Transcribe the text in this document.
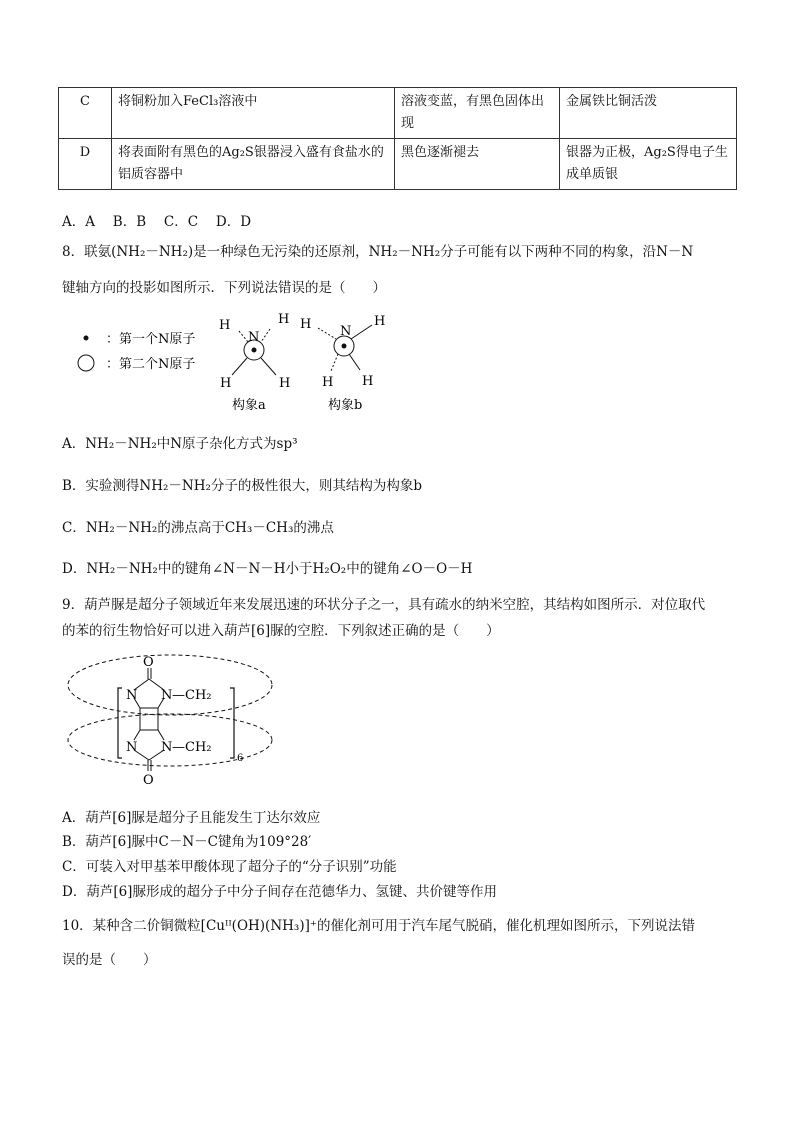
C	将铜粉加入FeCl₃溶液中	溶液变蓝，有黑色固体出现	金属铁比铜活泼
D	将表面附有黑色的Ag₂S银器浸入盛有食盐水的铝质容器中	黑色逐渐褪去	银器为正极，Ag₂S得电子生成单质银
A．A　 B．B　 C．C　 D．D
8．联氨(NH₂－NH₂)是一种绿色无污染的还原剂，NH₂－NH₂分子可能有以下两种不同的构象，沿N－N
键轴方向的投影如图所示．下列说法错误的是（　　）
：第一个N原子
：第二个N原子
N
H	H
H	H
构象a
N
H	H
H H
构象b
A．NH₂－NH₂中N原子杂化方式为sp³
B．实验测得NH₂－NH₂分子的极性很大，则其结构为构象b
C．NH₂－NH₂的沸点高于CH₃－CH₃的沸点
D．NH₂－NH₂中的键角∠N－N－H小于H₂O₂中的键角∠O－O－H
9．葫芦脲是超分子领域近年来发展迅速的环状分子之一，具有疏水的纳米空腔，其结构如图所示．对位取代
的苯的衍生物恰好可以进入葫芦[6]脲的空腔．下列叙述正确的是（　　）
O
N N —CH₂
N N —CH₂
O
6
A．葫芦[6]脲是超分子且能发生丁达尔效应
B．葫芦[6]脲中C－N－C键角为109°28′
C．可装入对甲基苯甲酸体现了超分子的“分子识别”功能
D．葫芦[6]脲形成的超分子中分子间存在范德华力、氢键、共价键等作用
10．某种含二价铜微粒[Cuᴵᴵ(OH)(NH₃)]⁺的催化剂可用于汽车尾气脱硝，催化机理如图所示，下列说法错
误的是（　　）
